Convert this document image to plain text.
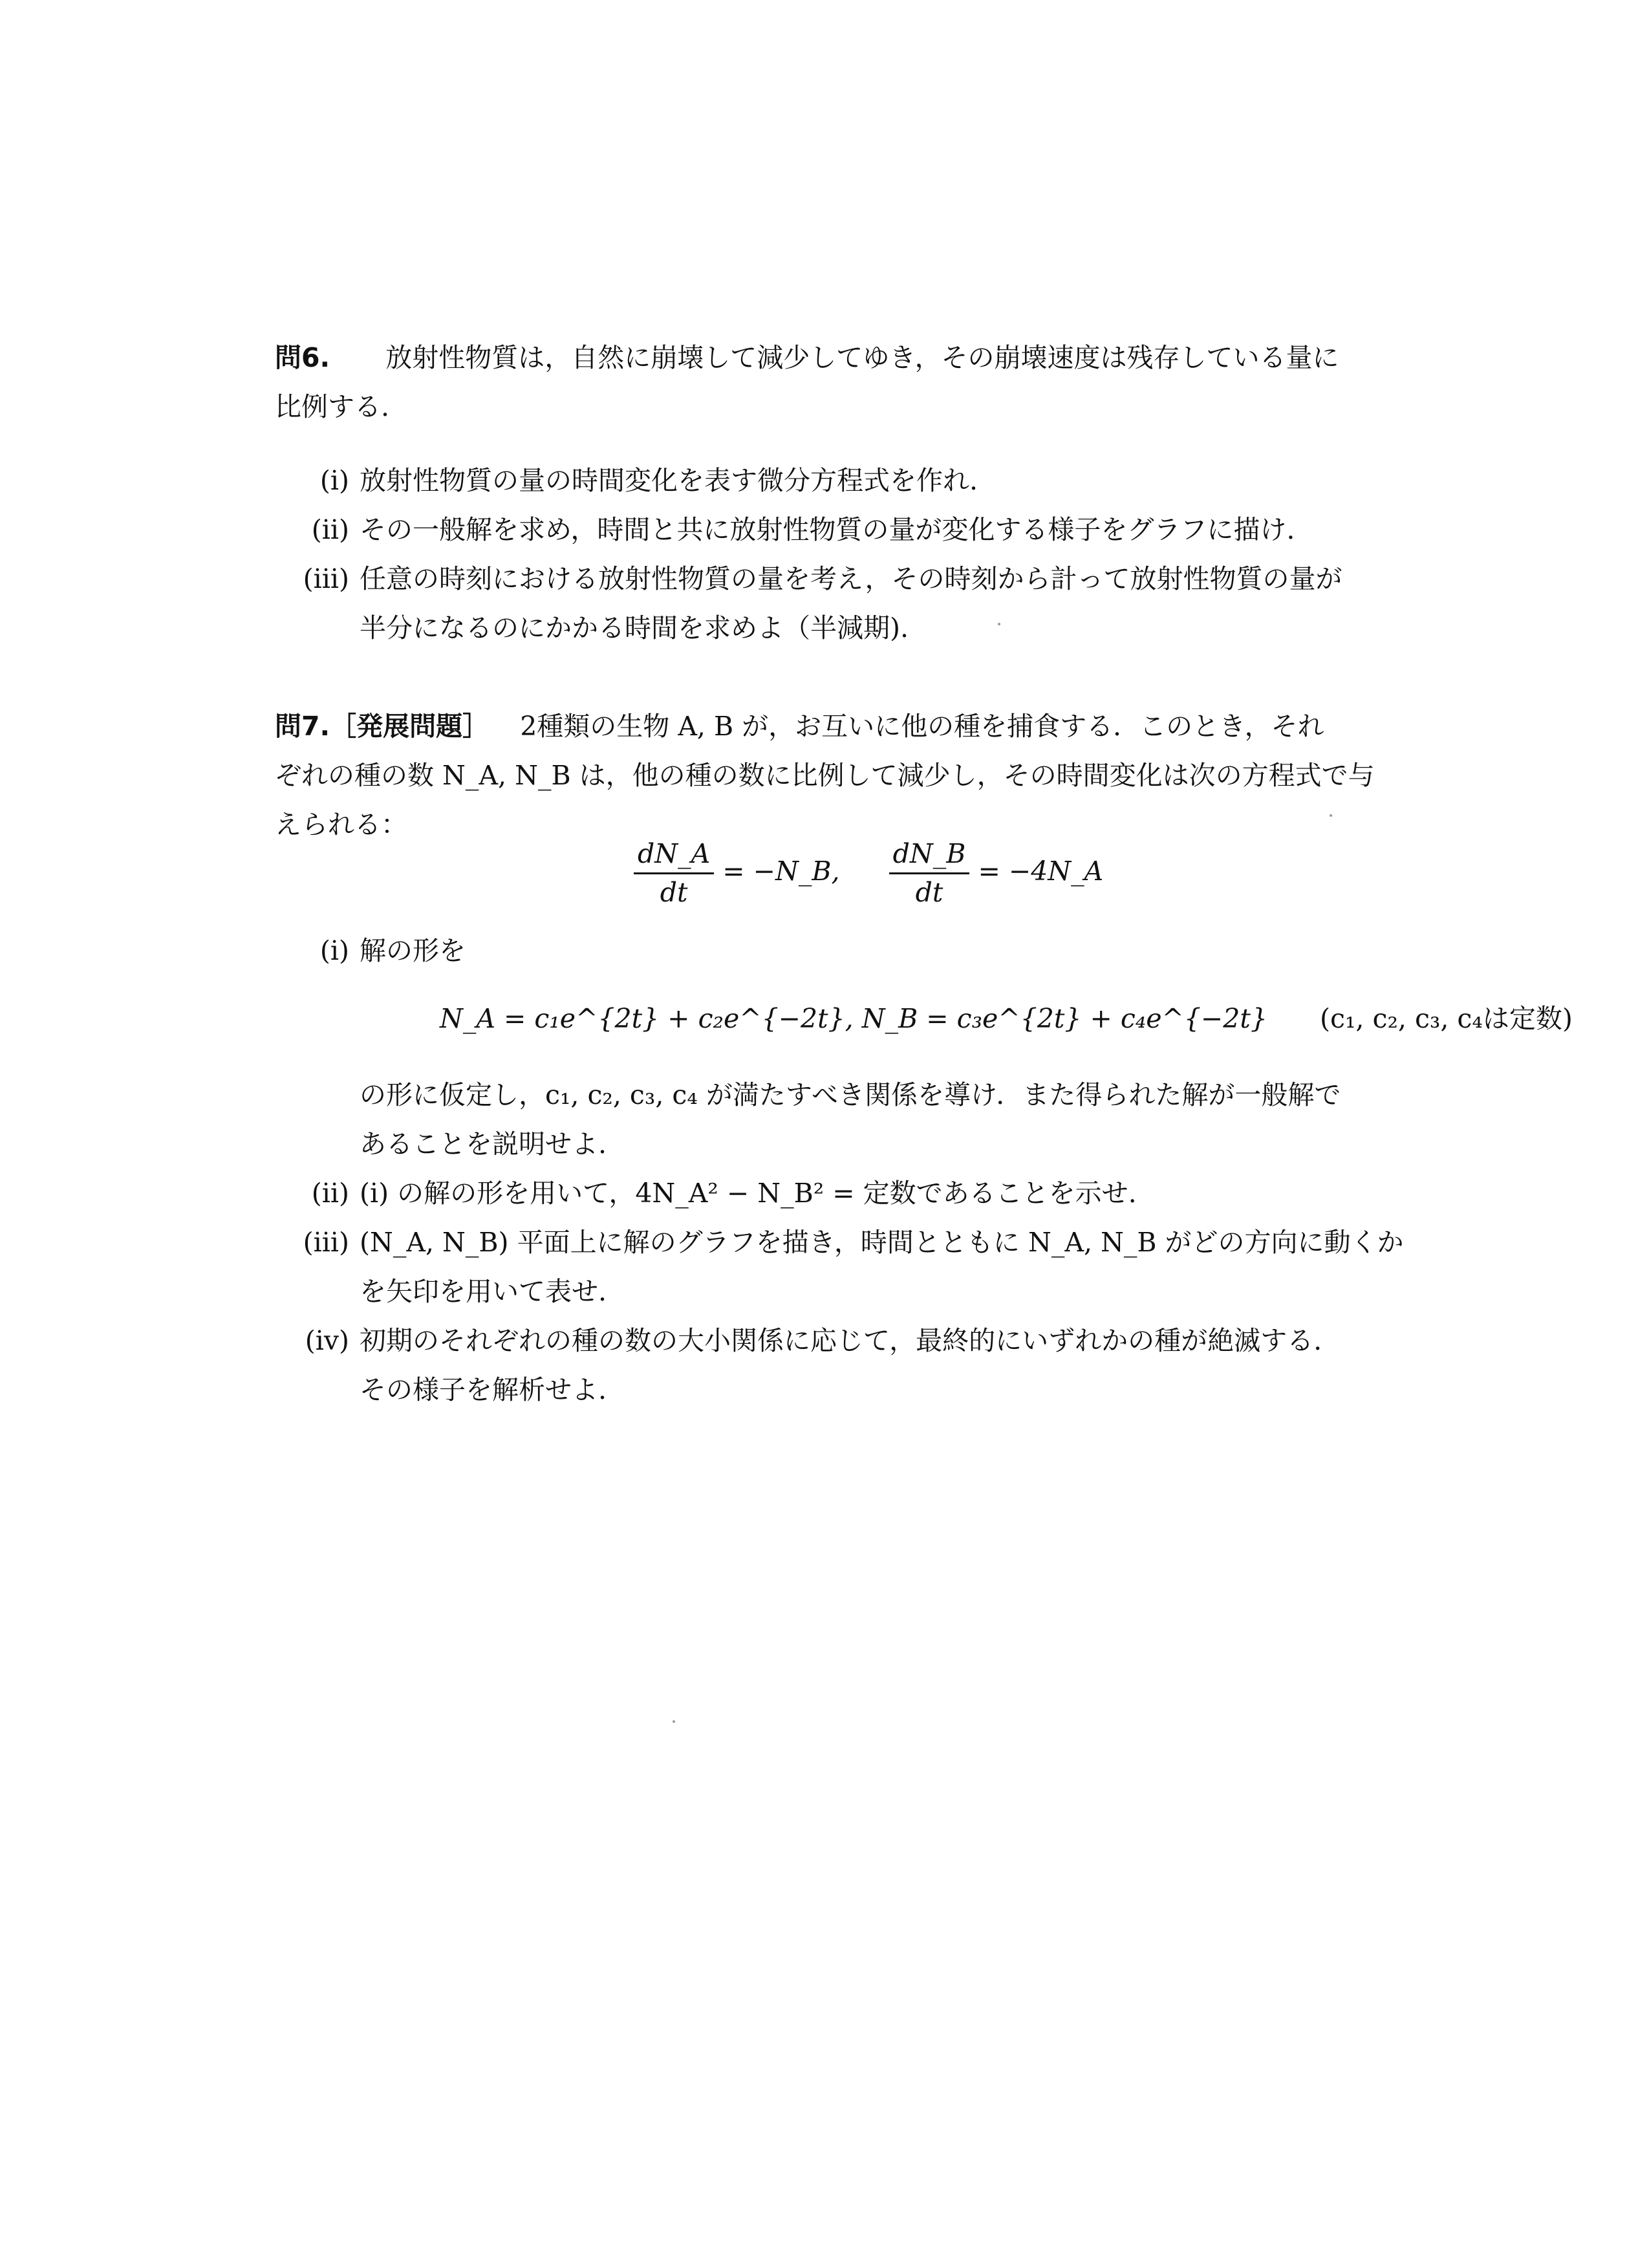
問6. 放射性物質は，自然に崩壊して減少してゆき，その崩壊速度は残存している量に
比例する.
(i) 放射性物質の量の時間変化を表す微分方程式を作れ.
(ii) その一般解を求め，時間と共に放射性物質の量が変化する様子をグラフに描け.
(iii) 任意の時刻における放射性物質の量を考え，その時刻から計って放射性物質の量が
半分になるのにかかる時間を求めよ（半減期).
問7.［発展問題］ 2種類の生物 A, B が，お互いに他の種を捕食する．このとき，それ
ぞれの種の数 N_A, N_B は，他の種の数に比例して減少し，その時間変化は次の方程式で与
えられる：
$\frac{dN\_A}{dt}$ = −N_B, $\frac{dN\_B}{dt}$ = −4N_A
(i) 解の形を
N_A = c₁e^{2t} + c₂e^{−2t}, N_B = c₃e^{2t} + c₄e^{−2t} (c₁, c₂, c₃, c₄は定数)
の形に仮定し，c₁, c₂, c₃, c₄ が満たすべき関係を導け．また得られた解が一般解で
あることを説明せよ.
(ii) (i) の解の形を用いて，4N_A² − N_B² = 定数であることを示せ.
(iii) (N_A, N_B) 平面上に解のグラフを描き，時間とともに N_A, N_B がどの方向に動くか
を矢印を用いて表せ.
(iv) 初期のそれぞれの種の数の大小関係に応じて，最終的にいずれかの種が絶滅する.
その様子を解析せよ.
